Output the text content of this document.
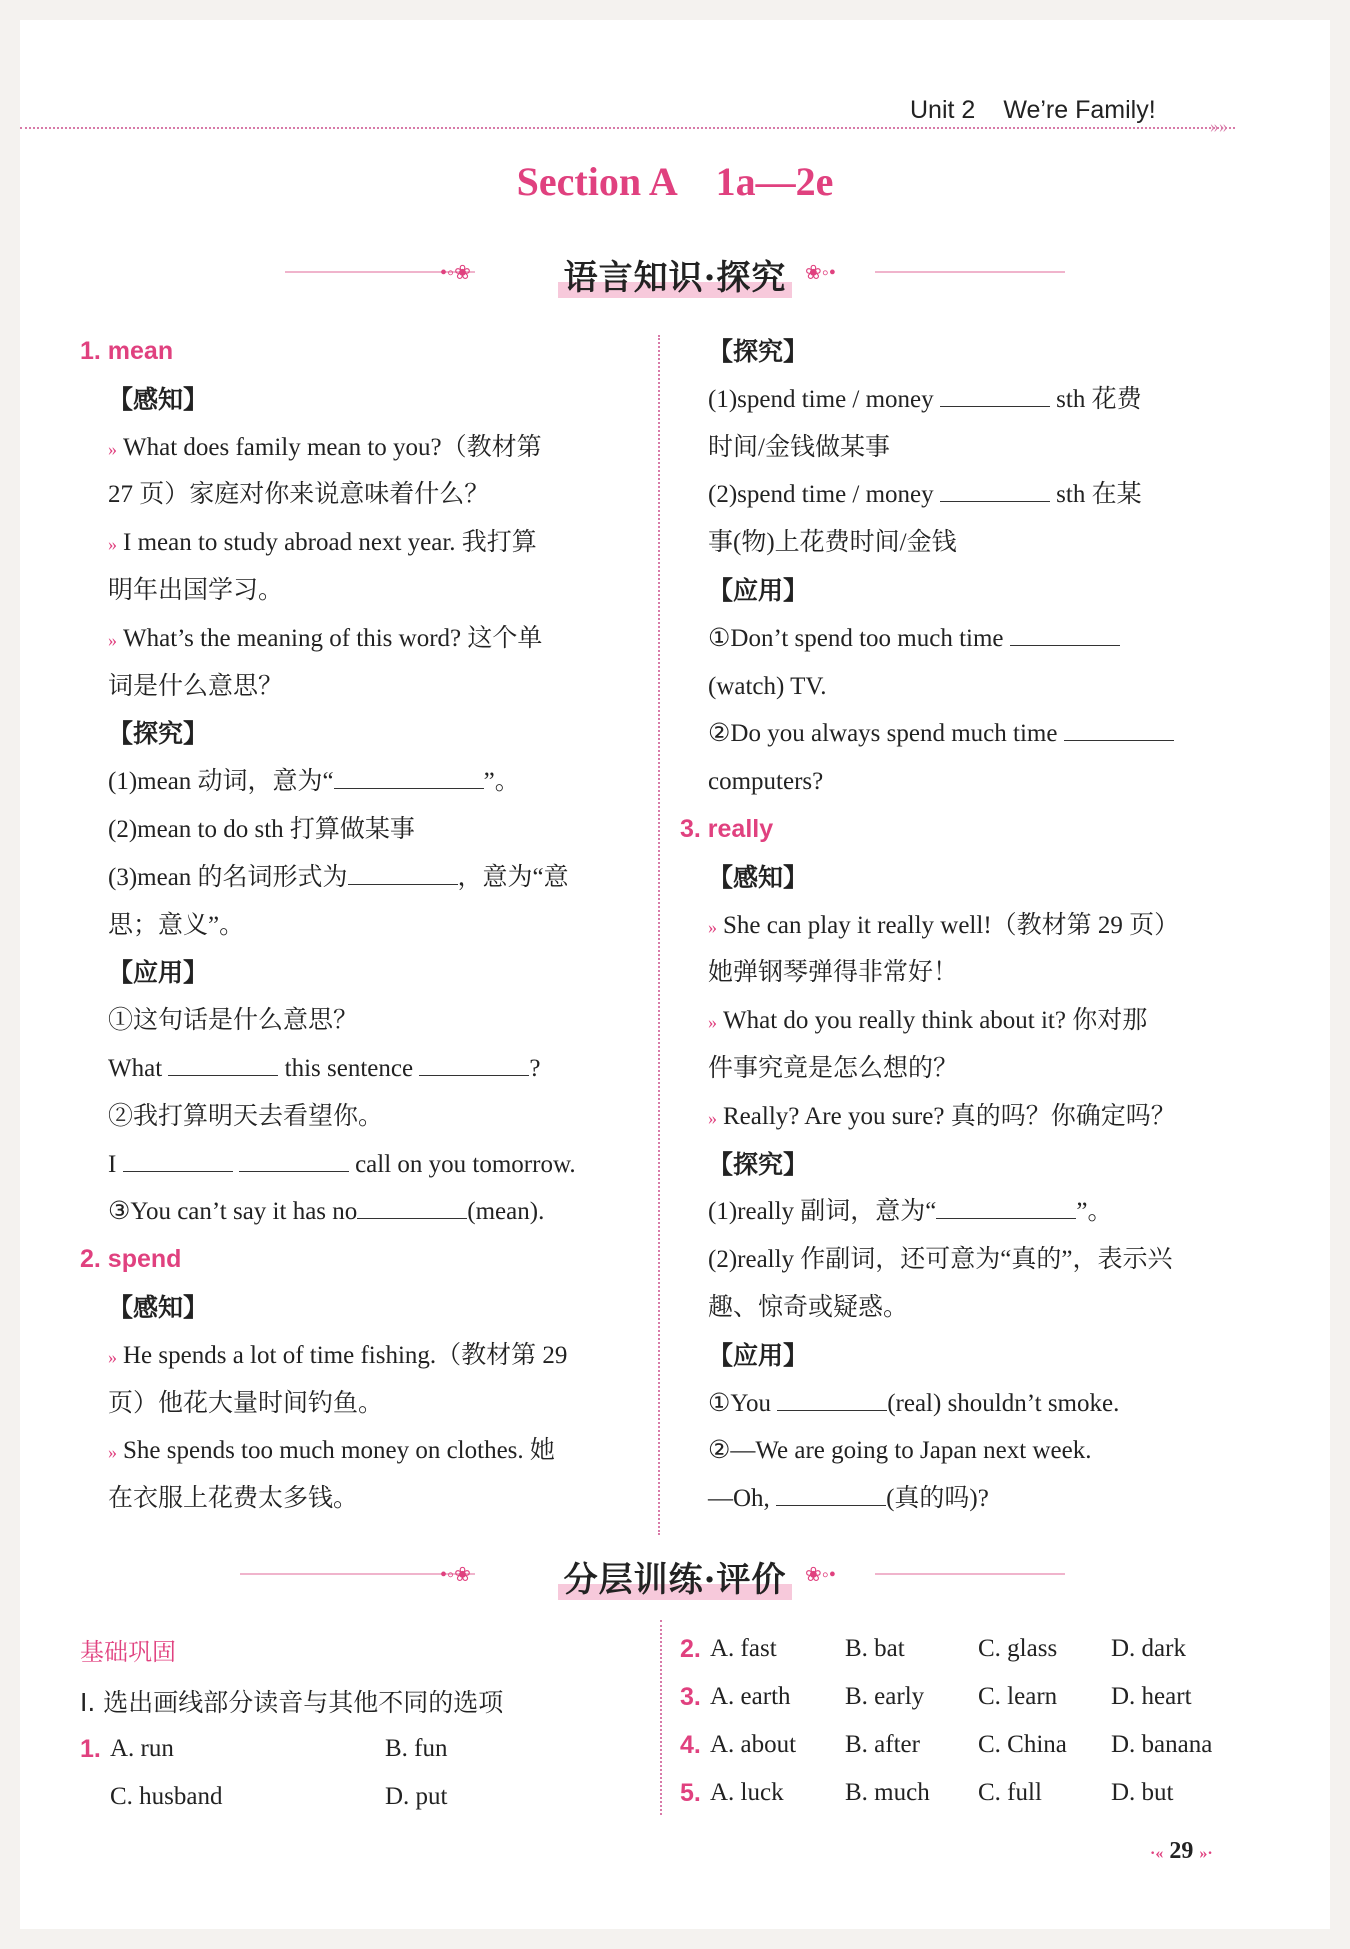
Unit 2 We’re Family!
»»
Section A    1a—2e
•◦❀	❀◦•
语言知识·探究
1. mean
【感知】
» What does family mean to you?（教材第
27 页）家庭对你来说意味着什么？
» I mean to study abroad next year. 我打算
明年出国学习。
» What’s the meaning of this word? 这个单
词是什么意思？
【探究】
(1)mean 动词，意为“	”。
(2)mean to do sth 打算做某事
(3)mean 的名词形式为	，意为“意
思；意义”。
【应用】
①这句话是什么意思？
What	this sentence	?
②我打算明天去看望你。
I	call on you tomorrow.
③You can’t say it has no	(mean).
2. spend
【感知】
» He spends a lot of time fishing.（教材第 29
页）他花大量时间钓鱼。
» She spends too much money on clothes. 她
在衣服上花费太多钱。
【探究】
(1)spend time / money	sth 花费
时间/金钱做某事
(2)spend time / money	sth 在某
事(物)上花费时间/金钱
【应用】
①Don’t spend too much time
(watch) TV.
②Do you always spend much time
computers?
3. really
【感知】
» She can play it really well!（教材第 29 页）
她弹钢琴弹得非常好！
» What do you really think about it? 你对那
件事究竟是怎么想的？
» Really? Are you sure? 真的吗？你确定吗？
【探究】
(1)really 副词，意为“	”。
(2)really 作副词，还可意为“真的”，表示兴
趣、惊奇或疑惑。
【应用】
①You	(real) shouldn’t smoke.
②—We are going to Japan next week.
—Oh,	(真的吗)?
•◦❀	❀◦•
分层训练·评价
基础巩固
Ⅰ. 选出画线部分读音与其他不同的选项
1.	A. run	B. fun
	C. husband	D. put
2.	A. fast	B. bat	C. glass	D. dark
3.	A. earth	B. early	C. learn	D. heart
4.	A. about	B. after	C. China	D. banana
5.	A. luck	B. much	C. full	D. but
·« 29 »·
